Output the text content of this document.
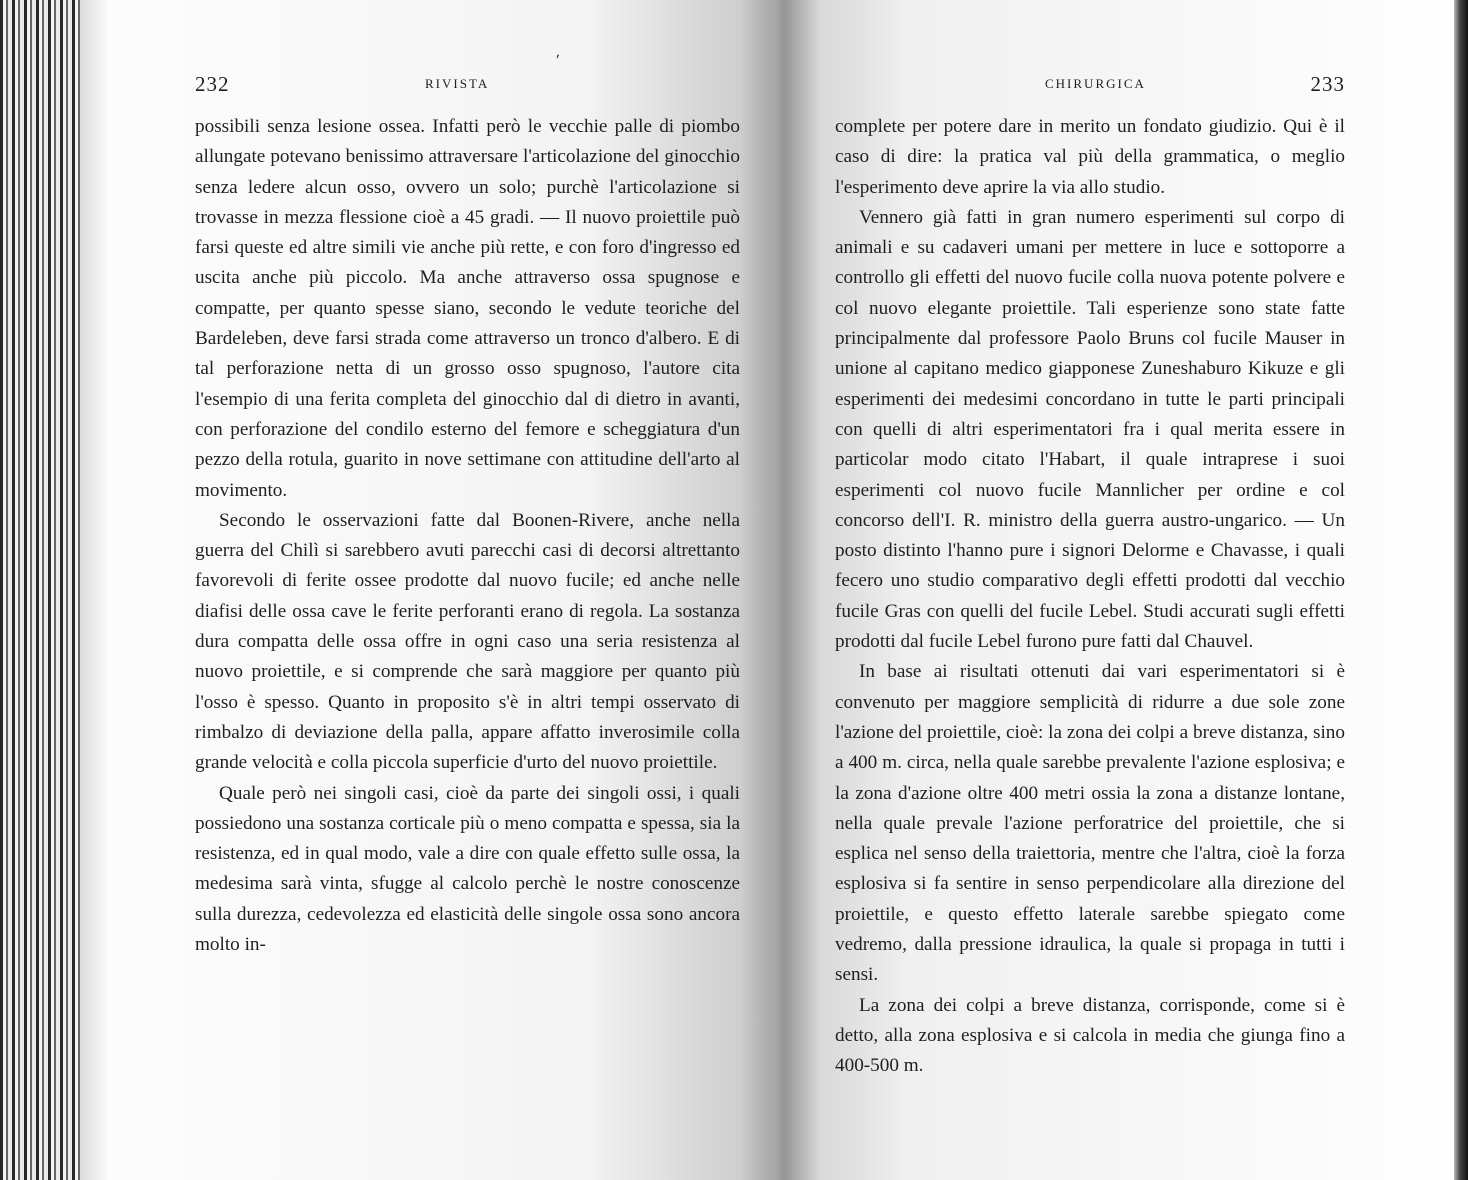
'
232	RIVISTA

possibili senza lesione ossea. Infatti però le vecchie palle di piombo allungate potevano benissimo attraversare l'articolazione del ginocchio senza ledere alcun osso, ovvero un solo; purchè l'articolazione si trovasse in mezza flessione cioè a 45 gradi. — Il nuovo proiettile può farsi queste ed altre simili vie anche più rette, e con foro d'ingresso ed uscita anche più piccolo. Ma anche attraverso ossa spugnose e compatte, per quanto spesse siano, secondo le vedute teoriche del Bardeleben, deve farsi strada come attraverso un tronco d'albero. E di tal perforazione netta di un grosso osso spugnoso, l'autore cita l'esempio di una ferita completa del ginocchio dal di dietro in avanti, con perforazione del condilo esterno del femore e scheggiatura d'un pezzo della rotula, guarito in nove settimane con attitudine dell'arto al movimento.

Secondo le osservazioni fatte dal Boonen-Rivere, anche nella guerra del Chilì si sarebbero avuti parecchi casi di decorsi altrettanto favorevoli di ferite ossee prodotte dal nuovo fucile; ed anche nelle diafisi delle ossa cave le ferite perforanti erano di regola. La sostanza dura compatta delle ossa offre in ogni caso una seria resistenza al nuovo proiettile, e si comprende che sarà maggiore per quanto più l'osso è spesso. Quanto in proposito s'è in altri tempi osservato di rimbalzo di deviazione della palla, appare affatto inverosimile colla grande velocità e colla piccola superficie d'urto del nuovo proiettile.

Quale però nei singoli casi, cioè da parte dei singoli ossi, i quali possiedono una sostanza corticale più o meno compatta e spessa, sia la resistenza, ed in qual modo, vale a dire con quale effetto sulle ossa, la medesima sarà vinta, sfugge al calcolo perchè le nostre conoscenze sulla durezza, cedevolezza ed elasticità delle singole ossa sono ancora molto in-

CHIRURGICA	233

complete per potere dare in merito un fondato giudizio. Qui è il caso di dire: la pratica val più della grammatica, o meglio l'esperimento deve aprire la via allo studio.

Vennero già fatti in gran numero esperimenti sul corpo di animali e su cadaveri umani per mettere in luce e sottoporre a controllo gli effetti del nuovo fucile colla nuova potente polvere e col nuovo elegante proiettile. Tali esperienze sono state fatte principalmente dal professore Paolo Bruns col fucile Mauser in unione al capitano medico giapponese Zuneshaburo Kikuze e gli esperimenti dei medesimi concordano in tutte le parti principali con quelli di altri esperimentatori fra i qual merita essere in particolar modo citato l'Habart, il quale intraprese i suoi esperimenti col nuovo fucile Mannlicher per ordine e col concorso dell'I. R. ministro della guerra austro-ungarico. — Un posto distinto l'hanno pure i signori Delorme e Chavasse, i quali fecero uno studio comparativo degli effetti prodotti dal vecchio fucile Gras con quelli del fucile Lebel. Studi accurati sugli effetti prodotti dal fucile Lebel furono pure fatti dal Chauvel.

In base ai risultati ottenuti dai vari esperimentatori si è convenuto per maggiore semplicità di ridurre a due sole zone l'azione del proiettile, cioè: la zona dei colpi a breve distanza, sino a 400 m. circa, nella quale sarebbe prevalente l'azione esplosiva; e la zona d'azione oltre 400 metri ossia la zona a distanze lontane, nella quale prevale l'azione perforatrice del proiettile, che si esplica nel senso della traiettoria, mentre che l'altra, cioè la forza esplosiva si fa sentire in senso perpendicolare alla direzione del proiettile, e questo effetto laterale sarebbe spiegato come vedremo, dalla pressione idraulica, la quale si propaga in tutti i sensi.

La zona dei colpi a breve distanza, corrisponde, come si è detto, alla zona esplosiva e si calcola in media che giunga fino a 400-500 m.
